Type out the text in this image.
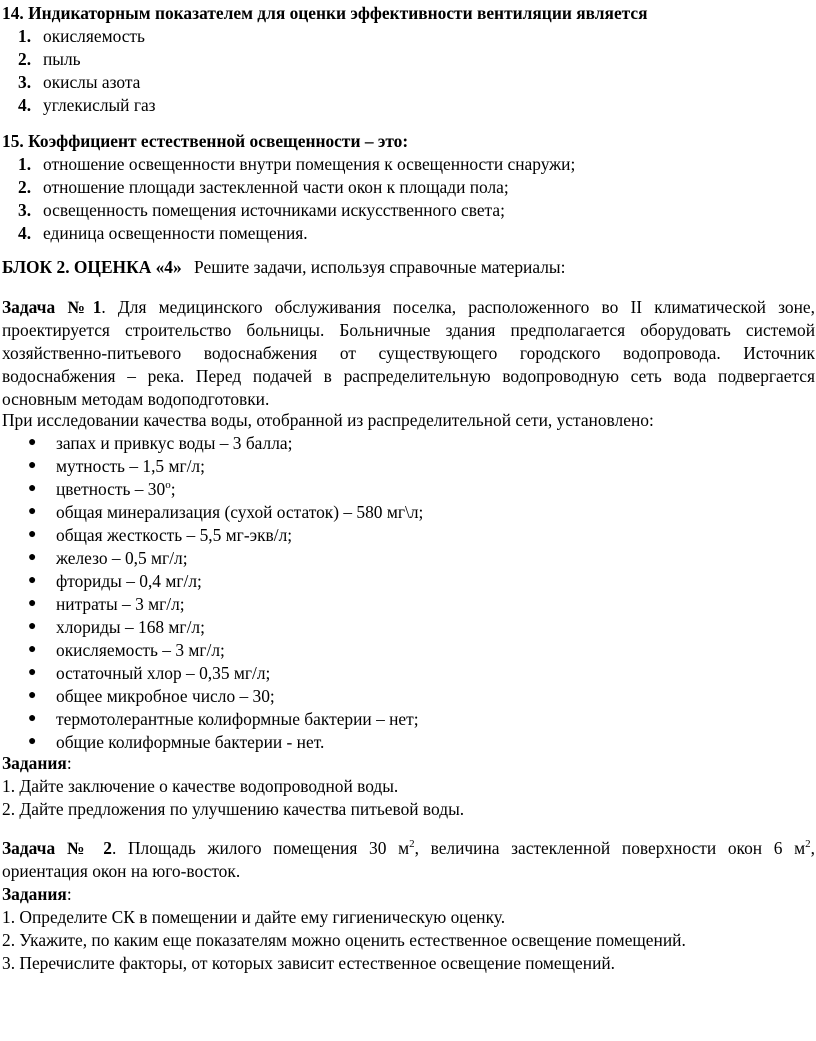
14. Индикаторным показателем для оценки эффективности вентиляции является
1. окисляемость
2. пыль
3. окислы азота
4. углекислый газ
15. Коэффициент естественной освещенности – это:
1. отношение освещенности внутри помещения к освещенности снаружи;
2. отношение площади застекленной части окон к площади пола;
3. освещенность помещения источниками искусственного света;
4. единица освещенности помещения.
БЛОК 2. ОЦЕНКА «4» Решите задачи, используя справочные материалы:
Задача №1. Для медицинского обслуживания поселка, расположенного во II климатической зоне,
проектируется строительство больницы. Больничные здания предполагается оборудовать системой
хозяйственно-питьевого водоснабжения от существующего городского водопровода. Источник
водоснабжения – река. Перед подачей в распределительную водопроводную сеть вода подвергается
основным методам водоподготовки.
При исследовании качества воды, отобранной из распределительной сети, установлено:
● запах и привкус воды – 3 балла;
● мутность – 1,5 мг/л;
● цветность – $30^о$;
● общая минерализация (сухой остаток) – 580 мг\л;
● общая жесткость – 5,5 мг-экв/л;
● железо – 0,5 мг/л;
● фториды – 0,4 мг/л;
● нитраты – 3 мг/л;
● хлориды – 168 мг/л;
● окисляемость – 3 мг/л;
● остаточный хлор – 0,35 мг/л;
● общее микробное число – 30;
● термотолерантные колиформные бактерии – нет;
● общие колиформные бактерии - нет.
Задания:
1. Дайте заключение о качестве водопроводной воды.
2. Дайте предложения по улучшению качества питьевой воды.
Задача № 2. Площадь жилого помещения 30 $м^2$, величина застекленной поверхности окон 6 $м^2$,
ориентация окон на юго-восток.
Задания:
1. Определите СК в помещении и дайте ему гигиеническую оценку.
2. Укажите, по каким еще показателям можно оценить естественное освещение помещений.
3. Перечислите факторы, от которых зависит естественное освещение помещений.
